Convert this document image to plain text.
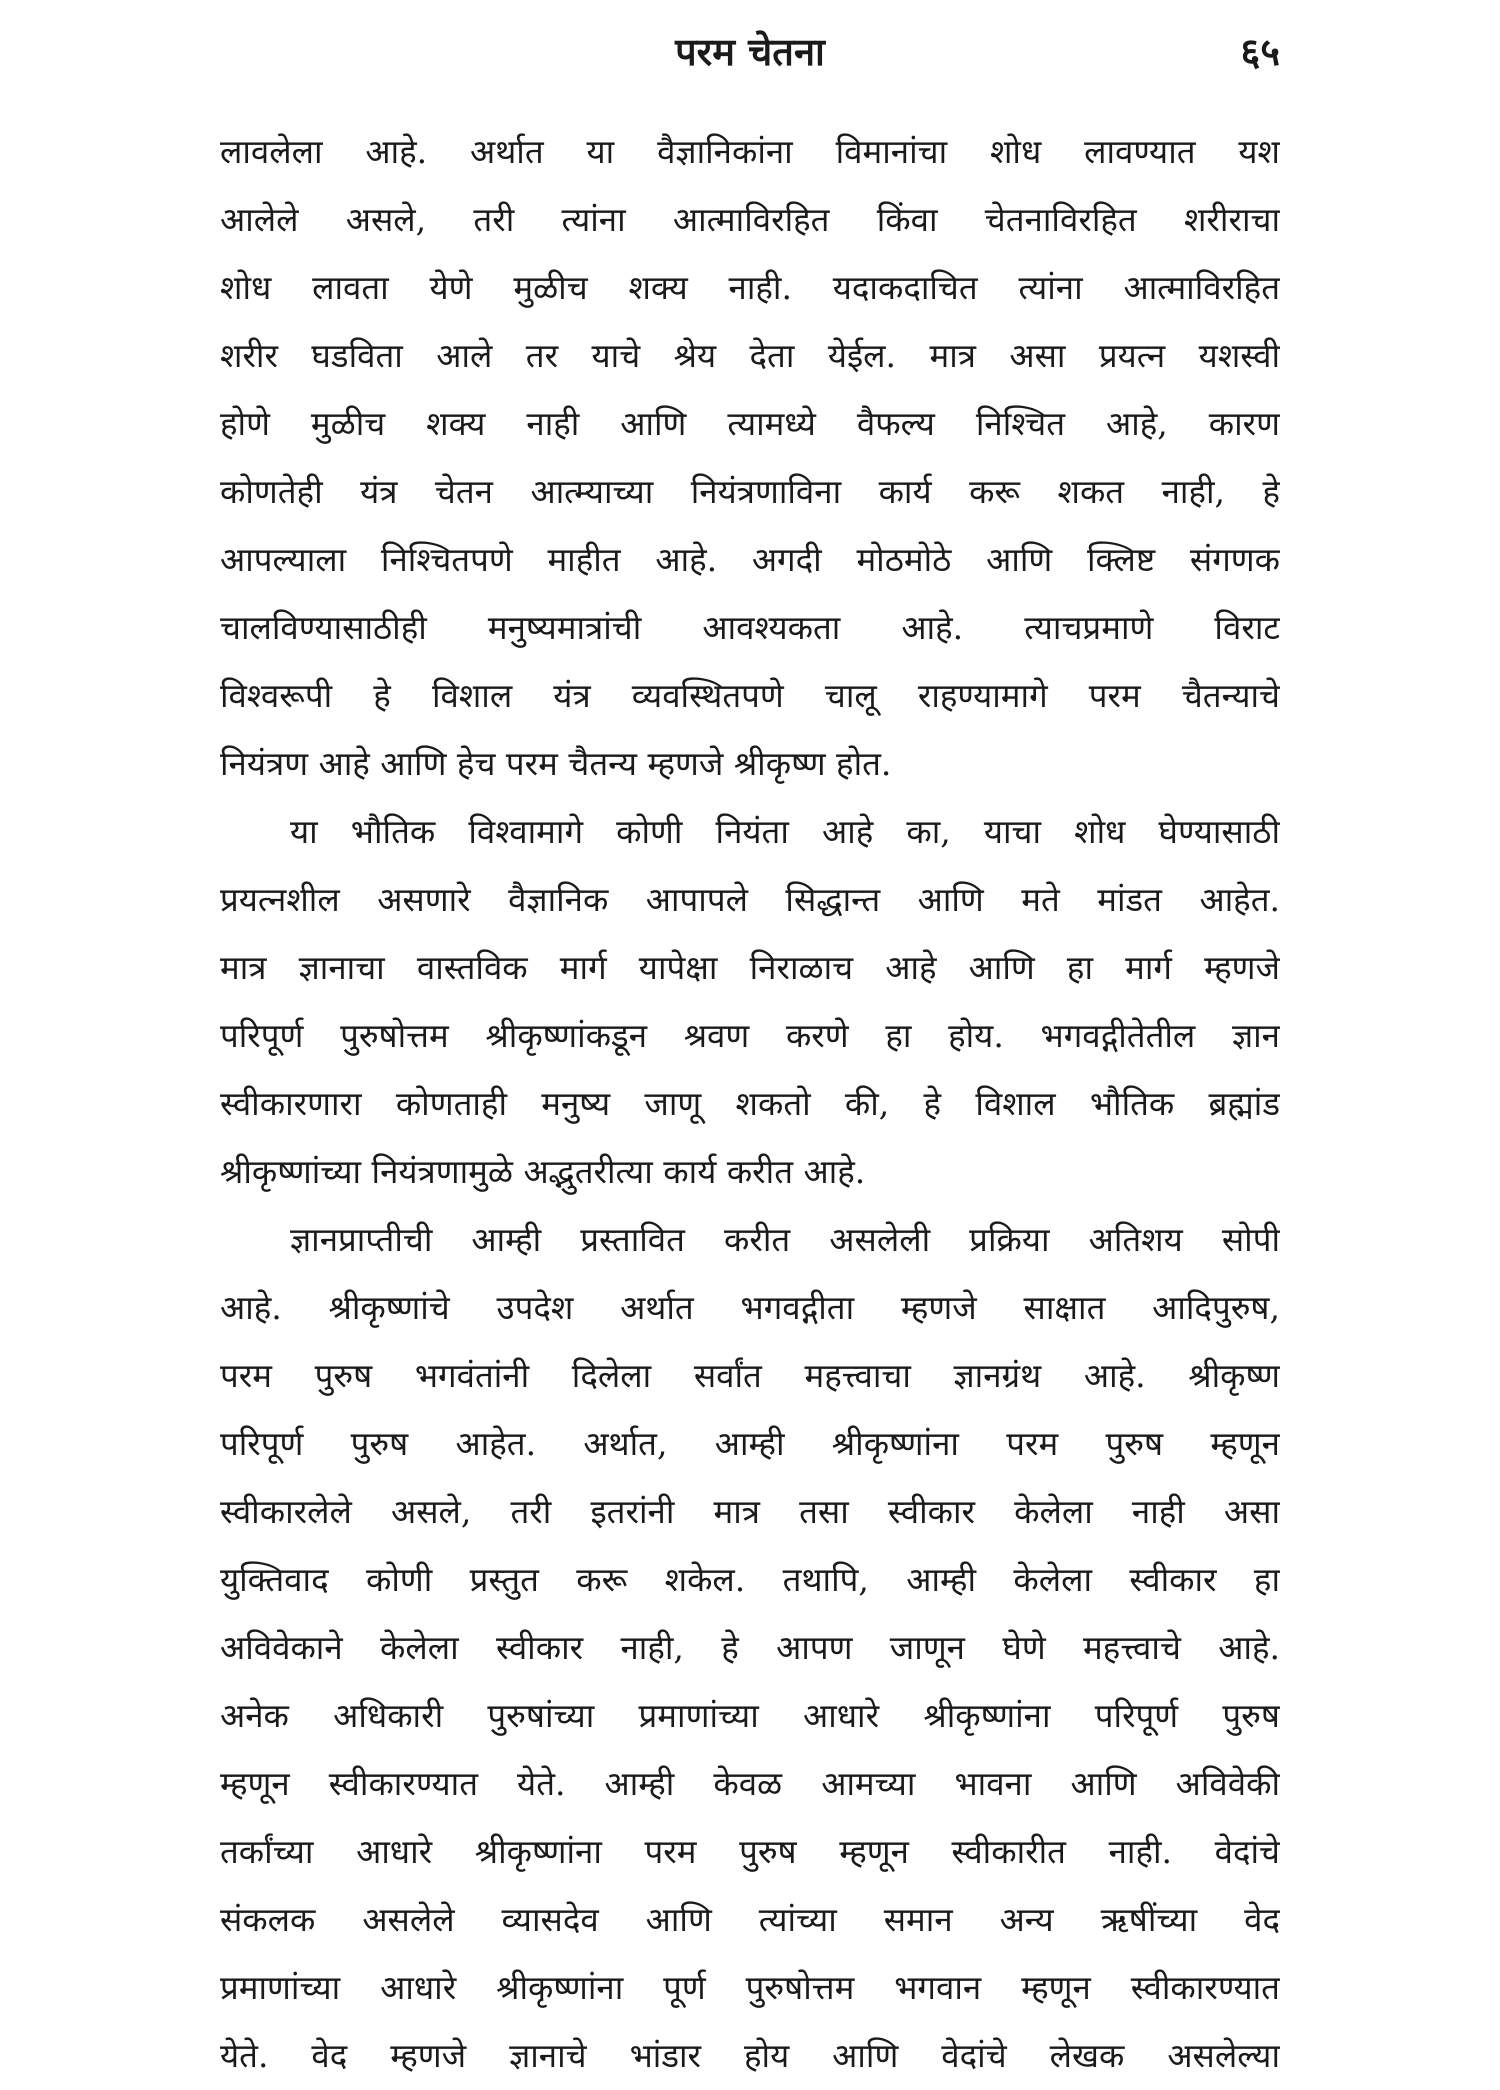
परम चेतना	६५
लावलेला आहे. अर्थात या वैज्ञानिकांना विमानांचा शोध लावण्यात यश
आलेले असले, तरी त्यांना आत्माविरहित किंवा चेतनाविरहित शरीराचा
शोध लावता येणे मुळीच शक्य नाही. यदाकदाचित त्यांना आत्माविरहित
शरीर घडविता आले तर याचे श्रेय देता येईल. मात्र असा प्रयत्न यशस्वी
होणे मुळीच शक्य नाही आणि त्यामध्ये वैफल्य निश्चित आहे, कारण
कोणतेही यंत्र चेतन आत्म्याच्या नियंत्रणाविना कार्य करू शकत नाही, हे
आपल्याला निश्चितपणे माहीत आहे. अगदी मोठमोठे आणि क्लिष्ट संगणक
चालविण्यासाठीही मनुष्यमात्रांची आवश्यकता आहे. त्याचप्रमाणे विराट
विश्वरूपी हे विशाल यंत्र व्यवस्थितपणे चालू राहण्यामागे परम चैतन्याचे
नियंत्रण आहे आणि हेच परम चैतन्य म्हणजे श्रीकृष्ण होत.
या भौतिक विश्वामागे कोणी नियंता आहे का, याचा शोध घेण्यासाठी
प्रयत्नशील असणारे वैज्ञानिक आपापले सिद्धान्त आणि मते मांडत आहेत.
मात्र ज्ञानाचा वास्तविक मार्ग यापेक्षा निराळाच आहे आणि हा मार्ग म्हणजे
परिपूर्ण पुरुषोत्तम श्रीकृष्णांकडून श्रवण करणे हा होय. भगवद्गीतेतील ज्ञान
स्वीकारणारा कोणताही मनुष्य जाणू शकतो की, हे विशाल भौतिक ब्रह्मांड
श्रीकृष्णांच्या नियंत्रणामुळे अद्भुतरीत्या कार्य करीत आहे.
ज्ञानप्राप्तीची आम्ही प्रस्तावित करीत असलेली प्रक्रिया अतिशय सोपी
आहे. श्रीकृष्णांचे उपदेश अर्थात भगवद्गीता म्हणजे साक्षात आदिपुरुष,
परम पुरुष भगवंतांनी दिलेला सर्वांत महत्त्वाचा ज्ञानग्रंथ आहे. श्रीकृष्ण
परिपूर्ण पुरुष आहेत. अर्थात, आम्ही श्रीकृष्णांना परम पुरुष म्हणून
स्वीकारलेले असले, तरी इतरांनी मात्र तसा स्वीकार केलेला नाही असा
युक्तिवाद कोणी प्रस्तुत करू शकेल. तथापि, आम्ही केलेला स्वीकार हा
अविवेकाने केलेला स्वीकार नाही, हे आपण जाणून घेणे महत्त्वाचे आहे.
अनेक अधिकारी पुरुषांच्या प्रमाणांच्या आधारे श्रीकृष्णांना परिपूर्ण पुरुष
म्हणून स्वीकारण्यात येते. आम्ही केवळ आमच्या भावना आणि अविवेकी
तर्कांच्या आधारे श्रीकृष्णांना परम पुरुष म्हणून स्वीकारीत नाही. वेदांचे
संकलक असलेले व्यासदेव आणि त्यांच्या समान अन्य ऋषींच्या वेद
प्रमाणांच्या आधारे श्रीकृष्णांना पूर्ण पुरुषोत्तम भगवान म्हणून स्वीकारण्यात
येते. वेद म्हणजे ज्ञानाचे भांडार होय आणि वेदांचे लेखक असलेल्या
